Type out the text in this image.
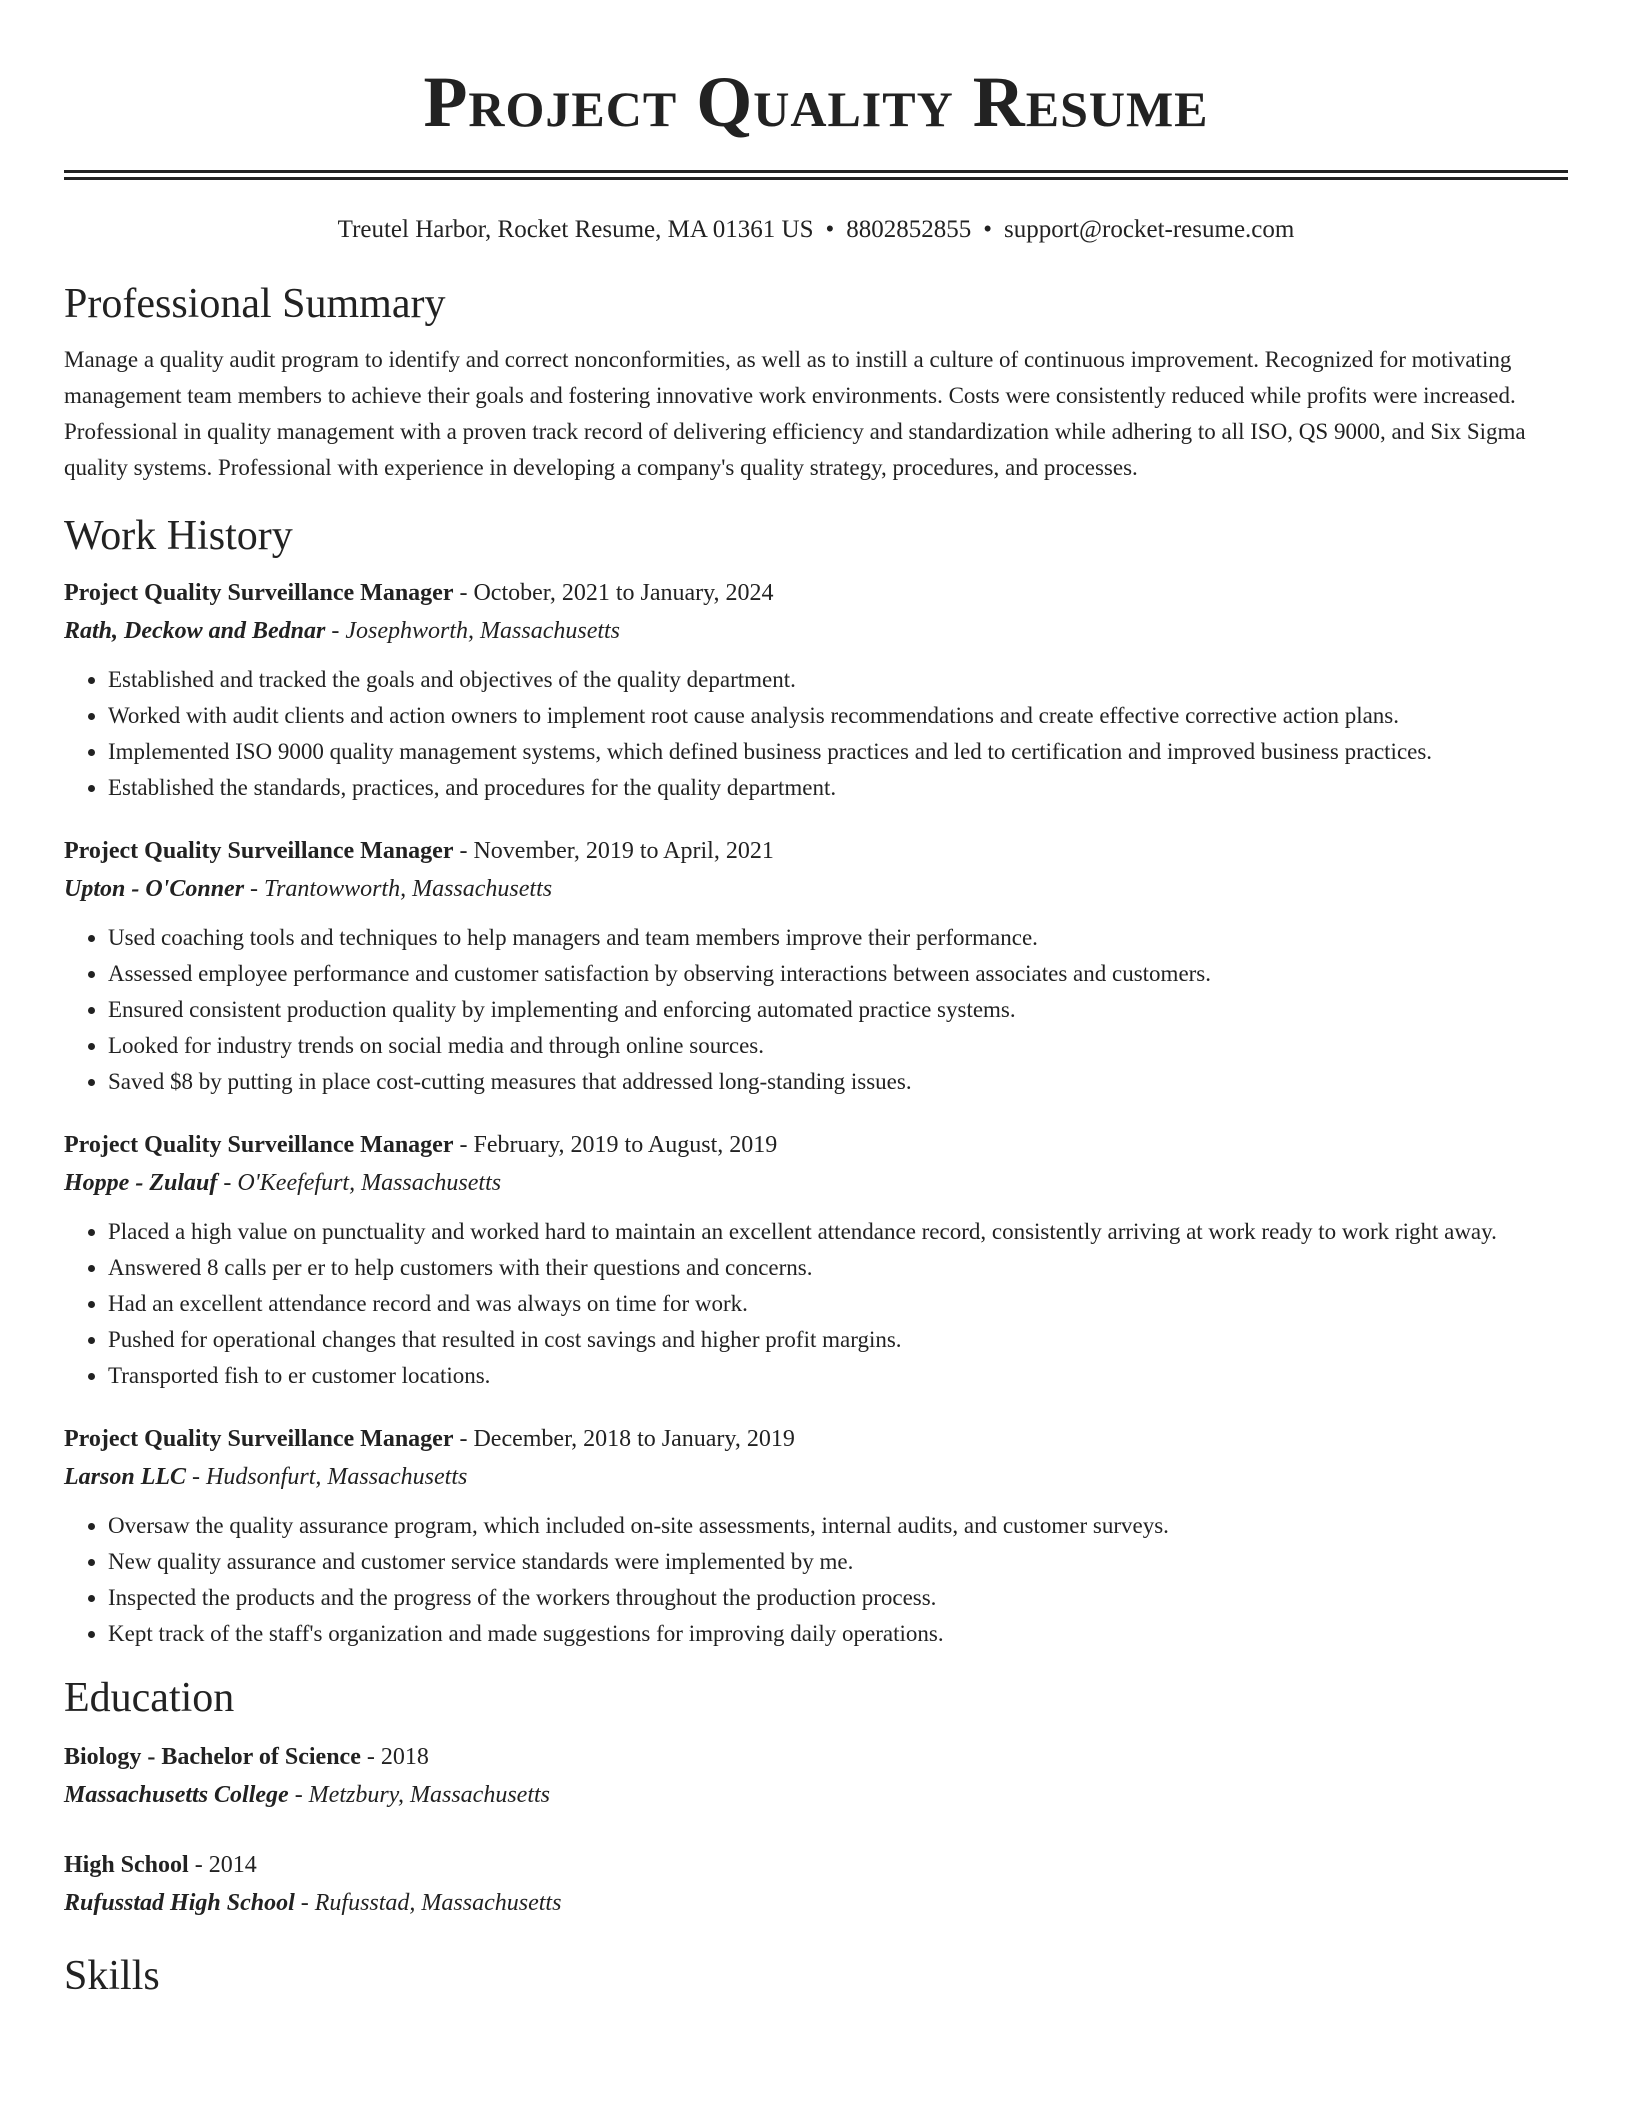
Project Quality Resume
Treutel Harbor, Rocket Resume, MA 01361 US • 8802852855 • support@rocket-resume.com
Professional Summary

Manage a quality audit program to identify and correct nonconformities, as well as to instill a culture of continuous improvement. Recognized for motivating management team members to achieve their goals and fostering innovative work environments. Costs were consistently reduced while profits were increased. Professional in quality management with a proven track record of delivering efficiency and standardization while adhering to all ISO, QS 9000, and Six Sigma quality systems. Professional with experience in developing a company's quality strategy, procedures, and processes.

Work History
Project Quality Surveillance Manager - October, 2021 to January, 2024
Rath, Deckow and Bednar - Josephworth, Massachusetts
• Established and tracked the goals and objectives of the quality department.
• Worked with audit clients and action owners to implement root cause analysis recommendations and create effective corrective action plans.
• Implemented ISO 9000 quality management systems, which defined business practices and led to certification and improved business practices.
• Established the standards, practices, and procedures for the quality department.
Project Quality Surveillance Manager - November, 2019 to April, 2021
Upton - O'Conner - Trantowworth, Massachusetts
• Used coaching tools and techniques to help managers and team members improve their performance.
• Assessed employee performance and customer satisfaction by observing interactions between associates and customers.
• Ensured consistent production quality by implementing and enforcing automated practice systems.
• Looked for industry trends on social media and through online sources.
• Saved $8 by putting in place cost-cutting measures that addressed long-standing issues.
Project Quality Surveillance Manager - February, 2019 to August, 2019
Hoppe - Zulauf - O'Keefefurt, Massachusetts
• Placed a high value on punctuality and worked hard to maintain an excellent attendance record, consistently arriving at work ready to work right away.
• Answered 8 calls per er to help customers with their questions and concerns.
• Had an excellent attendance record and was always on time for work.
• Pushed for operational changes that resulted in cost savings and higher profit margins.
• Transported fish to er customer locations.
Project Quality Surveillance Manager - December, 2018 to January, 2019
Larson LLC - Hudsonfurt, Massachusetts
• Oversaw the quality assurance program, which included on-site assessments, internal audits, and customer surveys.
• New quality assurance and customer service standards were implemented by me.
• Inspected the products and the progress of the workers throughout the production process.
• Kept track of the staff's organization and made suggestions for improving daily operations.
Education
Biology - Bachelor of Science - 2018
Massachusetts College - Metzbury, Massachusetts
High School - 2014
Rufusstad High School - Rufusstad, Massachusetts
Skills
